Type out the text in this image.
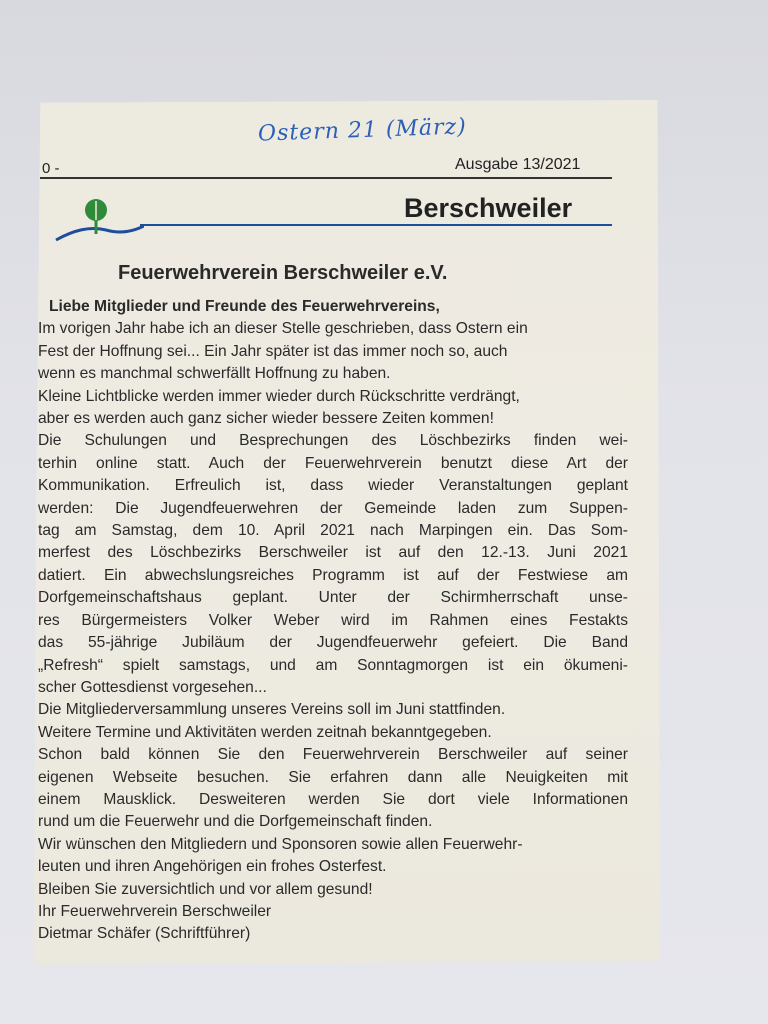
Ostern 21 (März)
0 -	Ausgabe 13/2021
Berschweiler
Feuerwehrverein Berschweiler e.V.
Liebe Mitglieder und Freunde des Feuerwehrvereins,
Im vorigen Jahr habe ich an dieser Stelle geschrieben, dass Ostern ein
Fest der Hoffnung sei... Ein Jahr später ist das immer noch so, auch
wenn es manchmal schwerfällt Hoffnung zu haben.
Kleine Lichtblicke werden immer wieder durch Rückschritte verdrängt,
aber es werden auch ganz sicher wieder bessere Zeiten kommen!
Die Schulungen und Besprechungen des Löschbezirks finden wei-
terhin online statt. Auch der Feuerwehrverein benutzt diese Art der
Kommunikation. Erfreulich ist, dass wieder Veranstaltungen geplant
werden: Die Jugendfeuerwehren der Gemeinde laden zum Suppen-
tag am Samstag, dem 10. April 2021 nach Marpingen ein. Das Som-
merfest des Löschbezirks Berschweiler ist auf den 12.-13. Juni 2021
datiert. Ein abwechslungsreiches Programm ist auf der Festwiese am
Dorfgemeinschaftshaus geplant. Unter der Schirmherrschaft unse-
res Bürgermeisters Volker Weber wird im Rahmen eines Festakts
das 55-jährige Jubiläum der Jugendfeuerwehr gefeiert. Die Band
„Refresh“ spielt samstags, und am Sonntagmorgen ist ein ökumeni-
scher Gottesdienst vorgesehen...
Die Mitgliederversammlung unseres Vereins soll im Juni stattfinden.
Weitere Termine und Aktivitäten werden zeitnah bekanntgegeben.
Schon bald können Sie den Feuerwehrverein Berschweiler auf seiner
eigenen Webseite besuchen. Sie erfahren dann alle Neuigkeiten mit
einem Mausklick. Desweiteren werden Sie dort viele Informationen
rund um die Feuerwehr und die Dorfgemeinschaft finden.
Wir wünschen den Mitgliedern und Sponsoren sowie allen Feuerwehr-
leuten und ihren Angehörigen ein frohes Osterfest.
Bleiben Sie zuversichtlich und vor allem gesund!
Ihr Feuerwehrverein Berschweiler
Dietmar Schäfer (Schriftführer)
